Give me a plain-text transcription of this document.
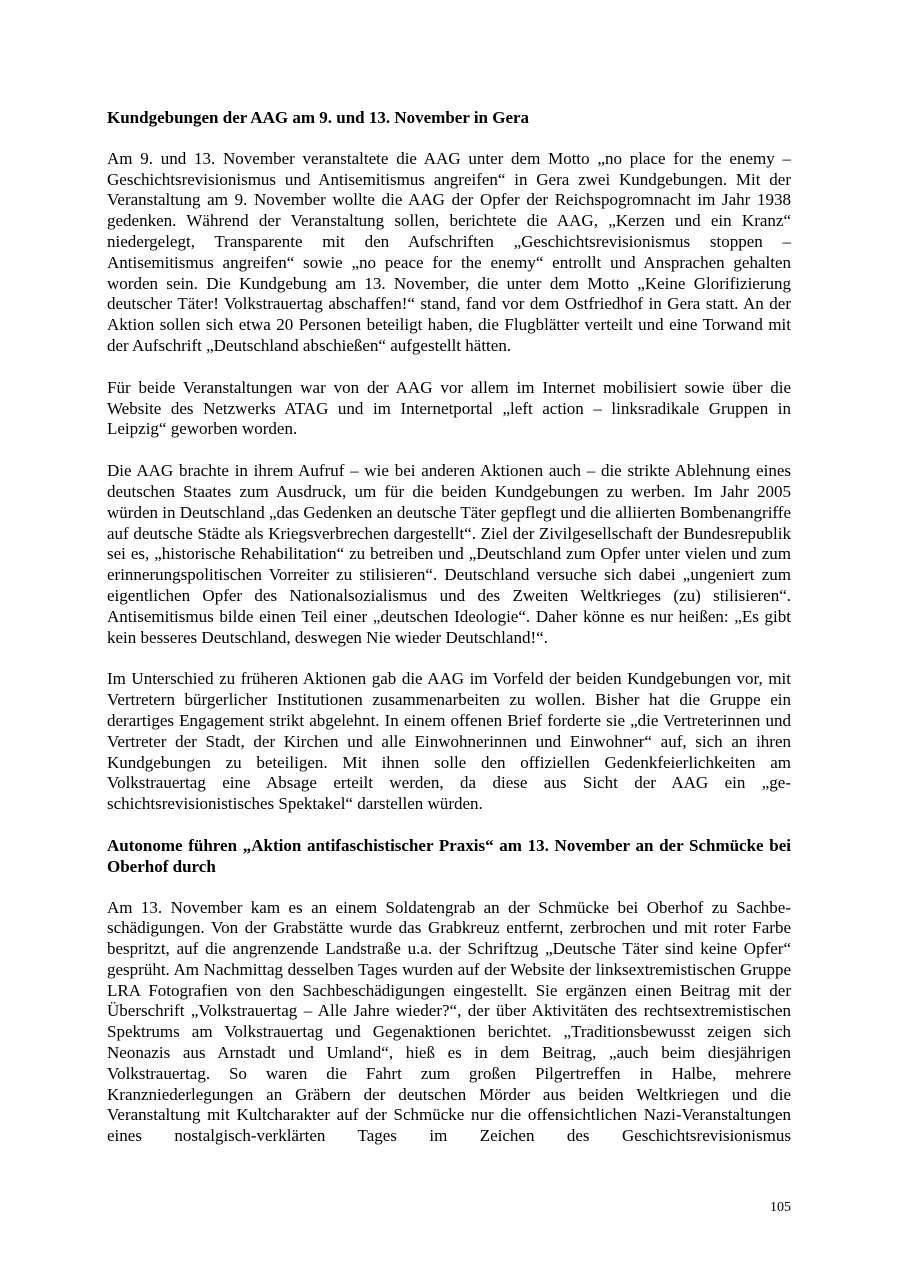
Kundgebungen der AAG am 9. und 13. November in Gera

Am 9. und 13. November veranstaltete die AAG unter dem Motto „no place for the enemy – Geschichtsrevisionismus und Antisemitismus angreifen“ in Gera zwei Kundgebungen. Mit der Veranstaltung am 9. November wollte die AAG der Opfer der Reichspogromnacht im Jahr 1938 gedenken. Während der Veranstaltung sollen, berichtete die AAG, „Kerzen und ein Kranz“ niedergelegt, Transparente mit den Aufschriften „Geschichtsrevisionismus stoppen – Antisemitismus angreifen“ sowie „no peace for the enemy“ entrollt und Ansprachen gehalten worden sein. Die Kundgebung am 13. November, die unter dem Motto „Keine Glorifizierung deutscher Täter! Volkstrauertag abschaffen!“ stand, fand vor dem Ostfriedhof in Gera statt. An der Aktion sollen sich etwa 20 Personen beteiligt haben, die Flugblätter verteilt und eine Torwand mit der Aufschrift „Deutschland abschießen“ aufgestellt hätten.

Für beide Veranstaltungen war von der AAG vor allem im Internet mobilisiert sowie über die Website des Netzwerks ATAG und im Internetportal „left action – linksradikale Gruppen in Leipzig“ geworben worden.

Die AAG brachte in ihrem Aufruf – wie bei anderen Aktionen auch – die strikte Ablehnung eines deutschen Staates zum Ausdruck, um für die beiden Kundgebungen zu werben. Im Jahr 2005 würden in Deutschland „das Gedenken an deutsche Täter gepflegt und die alliierten Bombenangriffe auf deutsche Städte als Kriegsverbrechen dargestellt“. Ziel der Zivilgesellschaft der Bundesrepublik sei es, „historische Rehabilitation“ zu betreiben und „Deutschland zum Opfer unter vielen und zum erinnerungspolitischen Vorreiter zu stilisieren“. Deutschland versuche sich dabei „ungeniert zum eigentlichen Opfer des Nationalsozialismus und des Zweiten Weltkrieges (zu) stilisieren“. Antisemitismus bilde einen Teil einer „deutschen Ideologie“. Daher könne es nur heißen: „Es gibt kein besseres Deutschland, deswegen Nie wieder Deutschland!“.

Im Unterschied zu früheren Aktionen gab die AAG im Vorfeld der beiden Kundgebungen vor, mit Vertretern bürgerlicher Institutionen zusammenarbeiten zu wollen. Bisher hat die Gruppe ein derartiges Engagement strikt abgelehnt. In einem offenen Brief forderte sie „die Vertreterinnen und Vertreter der Stadt, der Kirchen und alle Einwohnerinnen und Einwohner“ auf, sich an ihren Kundgebungen zu beteiligen. Mit ihnen solle den offiziellen Gedenkfeierlichkeiten am Volkstrauertag eine Absage erteilt werden, da diese aus Sicht der AAG ein „geschichtsrevisionistisches Spektakel“ darstellen würden.

Autonome führen „Aktion antifaschistischer Praxis“ am 13. November an der Schmücke bei Oberhof durch

Am 13. November kam es an einem Soldatengrab an der Schmücke bei Oberhof zu Sachbeschädigungen. Von der Grabstätte wurde das Grabkreuz entfernt, zerbrochen und mit roter Farbe bespritzt, auf die angrenzende Landstraße u.a. der Schriftzug „Deutsche Täter sind keine Opfer“ gesprüht. Am Nachmittag desselben Tages wurden auf der Website der linksextremistischen Gruppe LRA Fotografien von den Sachbeschädigungen eingestellt. Sie ergänzen einen Beitrag mit der Überschrift „Volkstrauertag – Alle Jahre wieder?“, der über Aktivitäten des rechtsextremistischen Spektrums am Volkstrauertag und Gegenaktionen berichtet. „Traditionsbewusst zeigen sich Neonazis aus Arnstadt und Umland“, hieß es in dem Beitrag, „auch beim diesjährigen Volkstrauertag. So waren die Fahrt zum großen Pilgertreffen in Halbe, mehrere Kranzniederlegungen an Gräbern der deutschen Mörder aus beiden Weltkriegen und die Veranstaltung mit Kultcharakter auf der Schmücke nur die offensichtlichen Nazi-Veranstaltungen eines nostalgisch-verklärten Tages im Zeichen des Geschichtsrevisionismus

105
